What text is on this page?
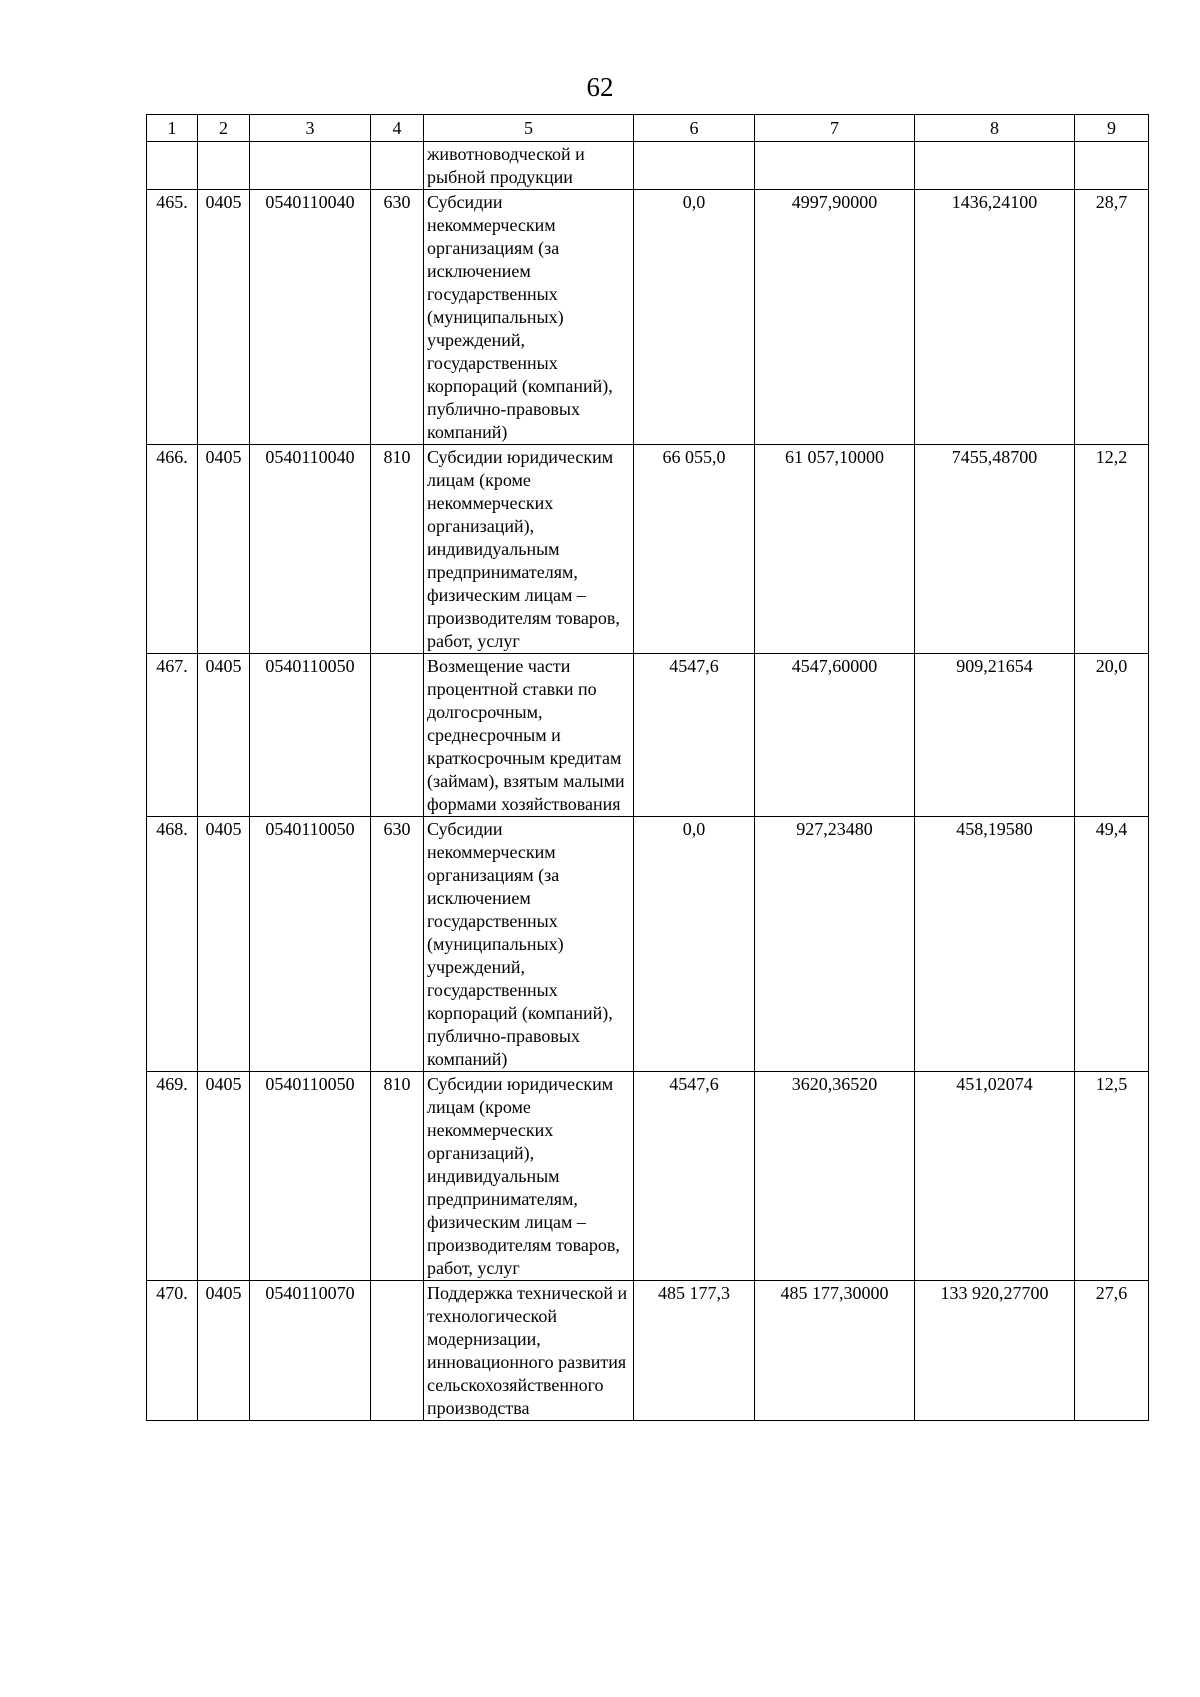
62
1	2	3	4	5	6	7	8	9
				животноводческой и рыбной продукции				
465.	0405	0540110040	630	Субсидии некоммерческим организациям (за исключением государственных (муниципальных) учреждений, государственных корпораций (компаний), публично-правовых компаний)	0,0	4997,90000	1436,24100	28,7
466.	0405	0540110040	810	Субсидии юридическим лицам (кроме некоммерческих организаций), индивидуальным предпринимателям, физическим лицам – производителям товаров, работ, услуг	66 055,0	61 057,10000	7455,48700	12,2
467.	0405	0540110050		Возмещение части процентной ставки по долгосрочным, среднесрочным и краткосрочным кредитам (займам), взятым малыми формами хозяйствования	4547,6	4547,60000	909,21654	20,0
468.	0405	0540110050	630	Субсидии некоммерческим организациям (за исключением государственных (муниципальных) учреждений, государственных корпораций (компаний), публично-правовых компаний)	0,0	927,23480	458,19580	49,4
469.	0405	0540110050	810	Субсидии юридическим лицам (кроме некоммерческих организаций), индивидуальным предпринимателям, физическим лицам – производителям товаров, работ, услуг	4547,6	3620,36520	451,02074	12,5
470.	0405	0540110070		Поддержка технической и технологической модернизации, инновационного развития сельскохозяйственного производства	485 177,3	485 177,30000	133 920,27700	27,6
